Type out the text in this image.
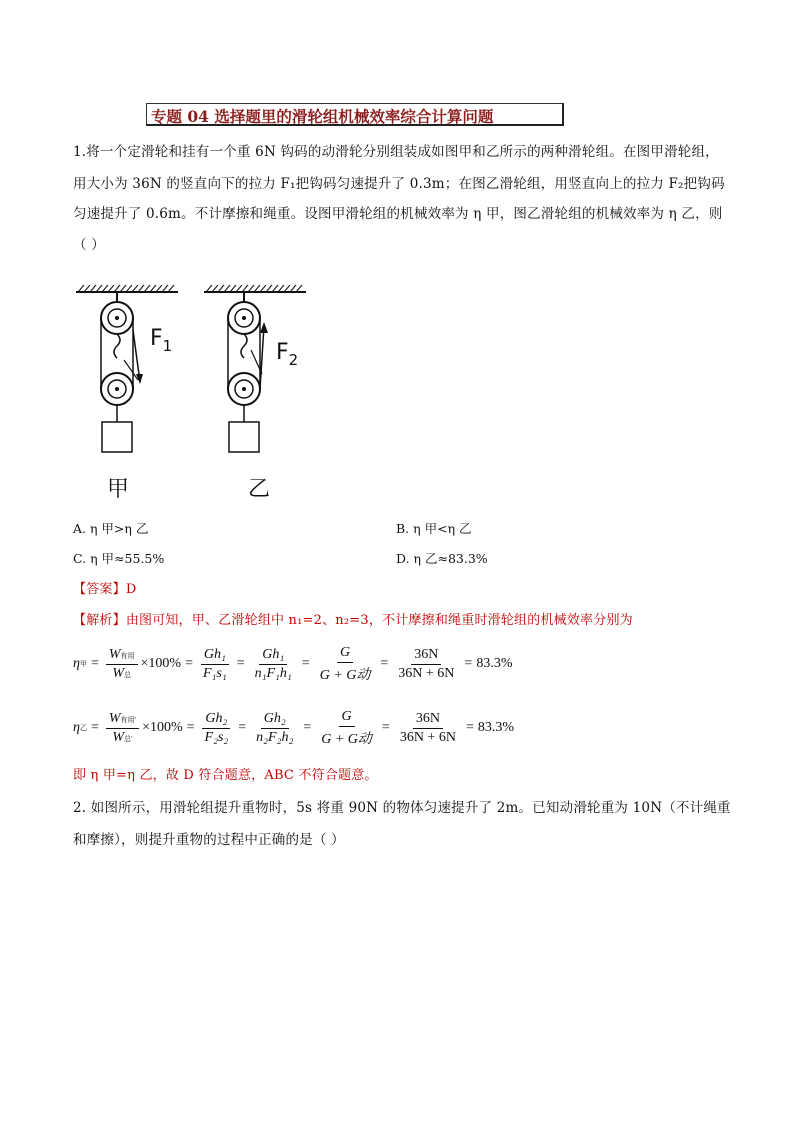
专题 04 选择题里的滑轮组机械效率综合计算问题
1.将一个定滑轮和挂有一个重 6N 钩码的动滑轮分别组装成如图甲和乙所示的两种滑轮组。在图甲滑轮组，
用大小为 36N 的竖直向下的拉力 F₁把钩码匀速提升了 0.3m；在图乙滑轮组，用竖直向上的拉力 F₂把钩码
匀速提升了 0.6m。不计摩擦和绳重。设图甲滑轮组的机械效率为 η 甲，图乙滑轮组的机械效率为 η 乙，则
（ ）
$F_1$	$F_2$
甲	乙
A. η 甲>η 乙	B. η 甲<η 乙
C. η 甲≈55.5%	D. η 乙≈83.3%
【答案】D
【解析】由图可知，甲、乙滑轮组中 n₁=2、n₂=3，不计摩擦和绳重时滑轮组的机械效率分别为
η 甲 = $\frac{\text{W有用}}{\text{W总}} \times 100\% = \frac{\text{Gh₁}}{\text{F₁s₁}} = \frac{\text{Gh₁}}{\text{n₁F₁h₁}} = \frac{G}{\text{G + G动}} = \frac{36N}{36N + 6N} = 83.3\%$
η 乙 = $\frac{\text{W有用′}}{\text{W总′}} \times 100\% = \frac{\text{Gh₂}}{\text{F₂s₂}} = \frac{\text{Gh₂}}{\text{n₂F₂h₂}} = \frac{G}{\text{G + G动}} = \frac{36N}{36N + 6N} = 83.3\%$
即 η 甲=η 乙，故 D 符合题意，ABC 不符合题意。
2. 如图所示，用滑轮组提升重物时，5s 将重 90N 的物体匀速提升了 2m。已知动滑轮重为 10N（不计绳重
和摩擦），则提升重物的过程中正确的是（ ）
